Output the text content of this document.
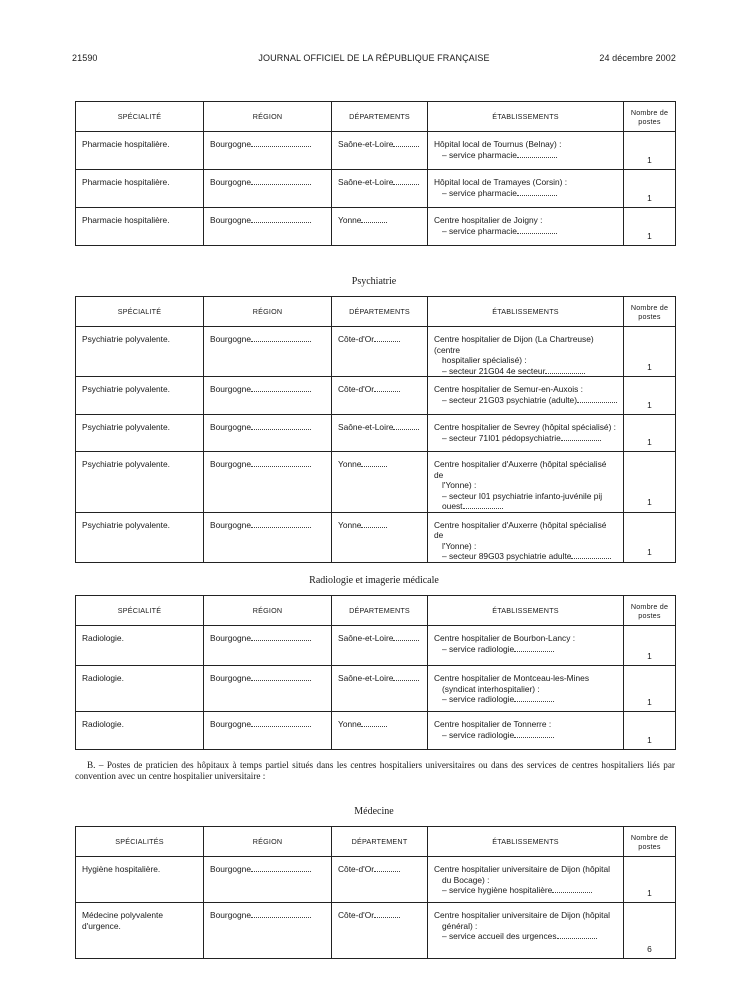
21590	JOURNAL OFFICIEL DE LA RÉPUBLIQUE FRANÇAISE	24 décembre 2002
SPÉCIALITÉ	RÉGION	DÉPARTEMENTS	ÉTABLISSEMENTS	Nombre de
postes
Pharmacie hospitalière.	Bourgogne	Saône-et-Loire	Hôpital local de Tournus (Belnay) :
– service pharmacie	1
Pharmacie hospitalière.	Bourgogne	Saône-et-Loire	Hôpital local de Tramayes (Corsin) :
– service pharmacie	1
Pharmacie hospitalière.	Bourgogne	Yonne	Centre hospitalier de Joigny :
– service pharmacie	1
Psychiatrie
SPÉCIALITÉ	RÉGION	DÉPARTEMENTS	ÉTABLISSEMENTS	Nombre de
postes
Psychiatrie polyvalente.	Bourgogne	Côte-d'Or	Centre hospitalier de Dijon (La Chartreuse) (centre
hospitalier spécialisé) :
– secteur 21G04 4e secteur	1
Psychiatrie polyvalente.	Bourgogne	Côte-d'Or	Centre hospitalier de Semur-en-Auxois :
– secteur 21G03 psychiatrie (adulte)	1
Psychiatrie polyvalente.	Bourgogne	Saône-et-Loire	Centre hospitalier de Sevrey (hôpital spécialisé) :
– secteur 71I01 pédopsychiatrie	1
Psychiatrie polyvalente.	Bourgogne	Yonne	Centre hospitalier d'Auxerre (hôpital spécialisé de
l'Yonne) :
– secteur I01 psychiatrie infanto-juvénile pij ouest	1
Psychiatrie polyvalente.	Bourgogne	Yonne	Centre hospitalier d'Auxerre (hôpital spécialisé de
l'Yonne) :
– secteur 89G03 psychiatrie adulte	1
Radiologie et imagerie médicale
SPÉCIALITÉ	RÉGION	DÉPARTEMENTS	ÉTABLISSEMENTS	Nombre de
postes
Radiologie.	Bourgogne	Saône-et-Loire	Centre hospitalier de Bourbon-Lancy :
– service radiologie	1
Radiologie.	Bourgogne	Saône-et-Loire	Centre hospitalier de Montceau-les-Mines
(syndicat interhospitalier) :
– service radiologie	1
Radiologie.	Bourgogne	Yonne	Centre hospitalier de Tonnerre :
– service radiologie	1
B. – Postes de praticien des hôpitaux à temps partiel situés dans les centres hospitaliers universitaires ou dans des services de centres hospitaliers liés par convention avec un centre hospitalier universitaire :
Médecine
SPÉCIALITÉS	RÉGION	DÉPARTEMENT	ÉTABLISSEMENTS	Nombre de
postes
Hygiène hospitalière.	Bourgogne	Côte-d'Or	Centre hospitalier universitaire de Dijon (hôpital
du Bocage) :
– service hygiène hospitalière	1
Médecine polyvalente d'urgence.	Bourgogne	Côte-d'Or	Centre hospitalier universitaire de Dijon (hôpital
général) :
– service accueil des urgences	6
